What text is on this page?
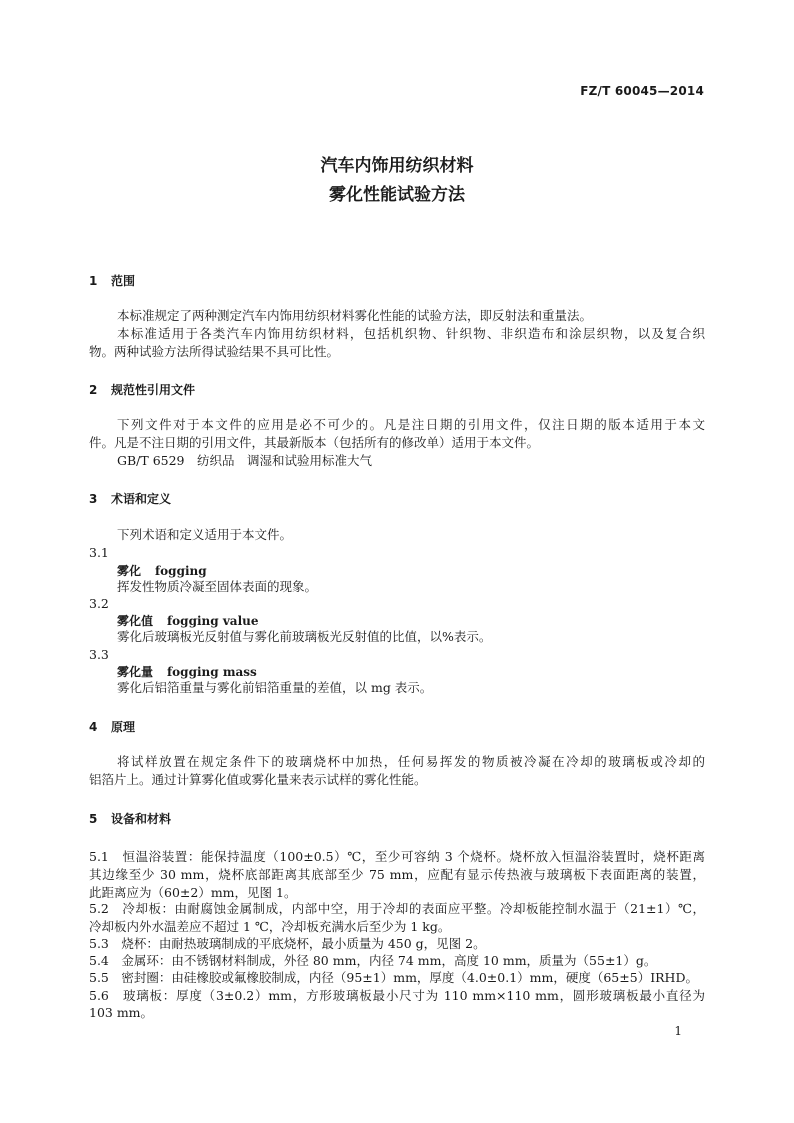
FZ/T 60045—2014
汽车内饰用纺织材料
雾化性能试验方法
1 范围
本标准规定了两种测定汽车内饰用纺织材料雾化性能的试验方法，即反射法和重量法。
本标准适用于各类汽车内饰用纺织材料，包括机织物、针织物、非织造布和涂层织物，以及复合织
物。两种试验方法所得试验结果不具可比性。
2 规范性引用文件
下列文件对于本文件的应用是必不可少的。凡是注日期的引用文件，仅注日期的版本适用于本文
件。凡是不注日期的引用文件，其最新版本（包括所有的修改单）适用于本文件。
GB/T 6529　纺织品　调湿和试验用标准大气
3 术语和定义
下列术语和定义适用于本文件。
3.1
雾化 fogging
挥发性物质冷凝至固体表面的现象。
3.2
雾化值 fogging value
雾化后玻璃板光反射值与雾化前玻璃板光反射值的比值，以%表示。
3.3
雾化量 fogging mass
雾化后铝箔重量与雾化前铝箔重量的差值，以 mg 表示。
4 原理
将试样放置在规定条件下的玻璃烧杯中加热，任何易挥发的物质被冷凝在冷却的玻璃板或冷却的
铝箔片上。通过计算雾化值或雾化量来表示试样的雾化性能。
5 设备和材料
5.1　恒温浴装置：能保持温度（100±0.5）℃，至少可容纳 3 个烧杯。烧杯放入恒温浴装置时，烧杯距离
其边缘至少 30 mm，烧杯底部距离其底部至少 75 mm，应配有显示传热液与玻璃板下表面距离的装置，
此距离应为（60±2）mm，见图 1。
5.2　冷却板：由耐腐蚀金属制成，内部中空，用于冷却的表面应平整。冷却板能控制水温于（21±1）℃，
冷却板内外水温差应不超过 1 ℃，冷却板充满水后至少为 1 kg。
5.3　烧杯：由耐热玻璃制成的平底烧杯，最小质量为 450 g，见图 2。
5.4　金属环：由不锈钢材料制成，外径 80 mm，内径 74 mm，高度 10 mm，质量为（55±1）g。
5.5　密封圈：由硅橡胶或氟橡胶制成，内径（95±1）mm，厚度（4.0±0.1）mm，硬度（65±5）IRHD。
5.6　玻璃板：厚度（3±0.2）mm，方形玻璃板最小尺寸为 110 mm×110 mm，圆形玻璃板最小直径为
103 mm。
1
